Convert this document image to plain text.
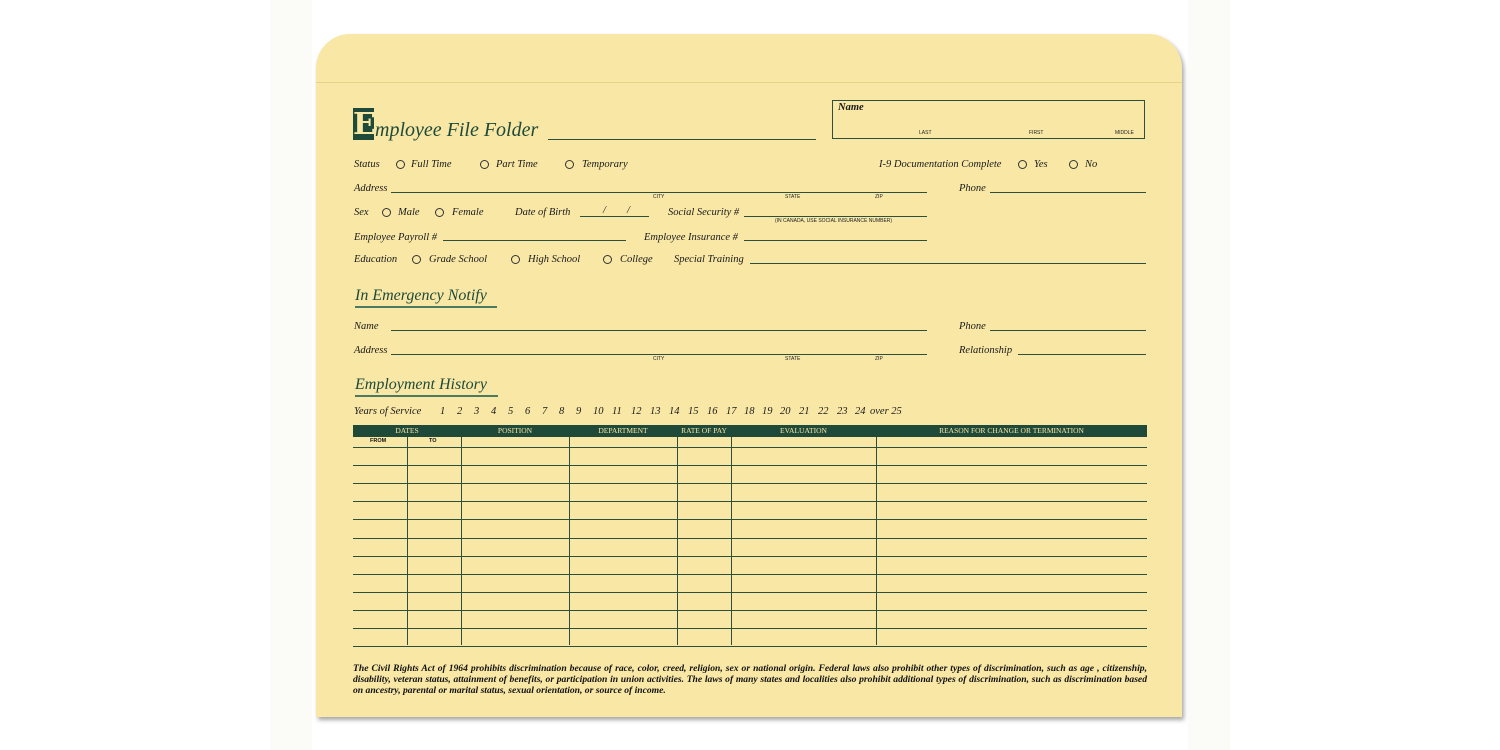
E mployee File Folder
Name
LAST	FIRST	MIDDLE
Status	Full Time	Part Time	Temporary	I-9 Documentation Complete	Yes	No
Address
CITY	STATE	ZIP
Phone
Sex	Male	Female	Date of Birth	/ /	Social Security #
(IN CANADA, USE SOCIAL INSURANCE NUMBER)
Employee Payroll #	Employee Insurance #
Education	Grade School	High School	College Special Training
In Emergency Notify
Name	Phone
Address
CITY	STATE	ZIP
Relationship
Employment History
Years of Service 1 2 3 4 5 6 7 8 9 10 11 12 13 14 15 16 17 18 19 20 21 22 23 24 over 25
DATES	POSITION	DEPARTMENT	RATE OF PAY	EVALUATION	REASON FOR CHANGE OR TERMINATION
FROM	TO
The Civil Rights Act of 1964 prohibits discrimination because of race, color, creed, religion, sex or national origin. Federal laws also prohibit other types of discrimination, such as age , citizenship, disability, veteran status, attainment of benefits, or participation in union activities. The laws of many states and localities also prohibit additional types of discrimination, such as discrimination based on ancestry, parental or marital status, sexual orientation, or source of income.
